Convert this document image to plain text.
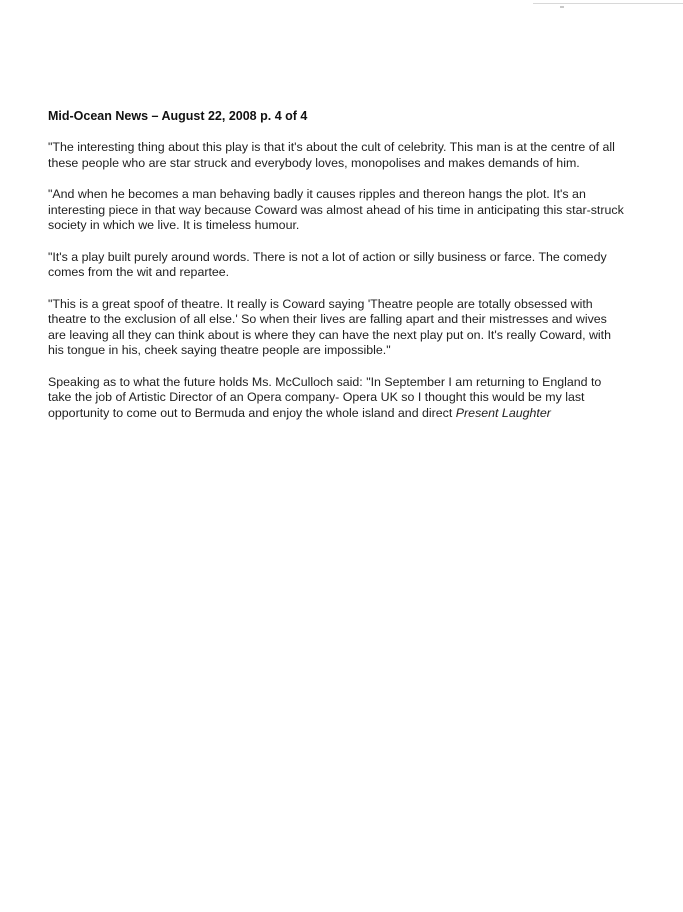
Mid-Ocean News – August 22, 2008 p. 4 of 4

"The interesting thing about this play is that it's about the cult of celebrity. This man is at the centre of all these people who are star struck and everybody loves, monopolises and makes demands of him.

"And when he becomes a man behaving badly it causes ripples and thereon hangs the plot. It's an interesting piece in that way because Coward was almost ahead of his time in anticipating this star-struck society in which we live. It is timeless humour.

"It's a play built purely around words. There is not a lot of action or silly business or farce. The comedy comes from the wit and repartee.

"This is a great spoof of theatre. It really is Coward saying 'Theatre people are totally obsessed with theatre to the exclusion of all else.' So when their lives are falling apart and their mistresses and wives are leaving all they can think about is where they can have the next play put on. It's really Coward, with his tongue in his, cheek saying theatre people are impossible."

Speaking as to what the future holds Ms. McCulloch said: "In September I am returning to England to take the job of Artistic Director of an Opera company- Opera UK so I thought this would be my last opportunity to come out to Bermuda and enjoy the whole island and direct Present Laughter
